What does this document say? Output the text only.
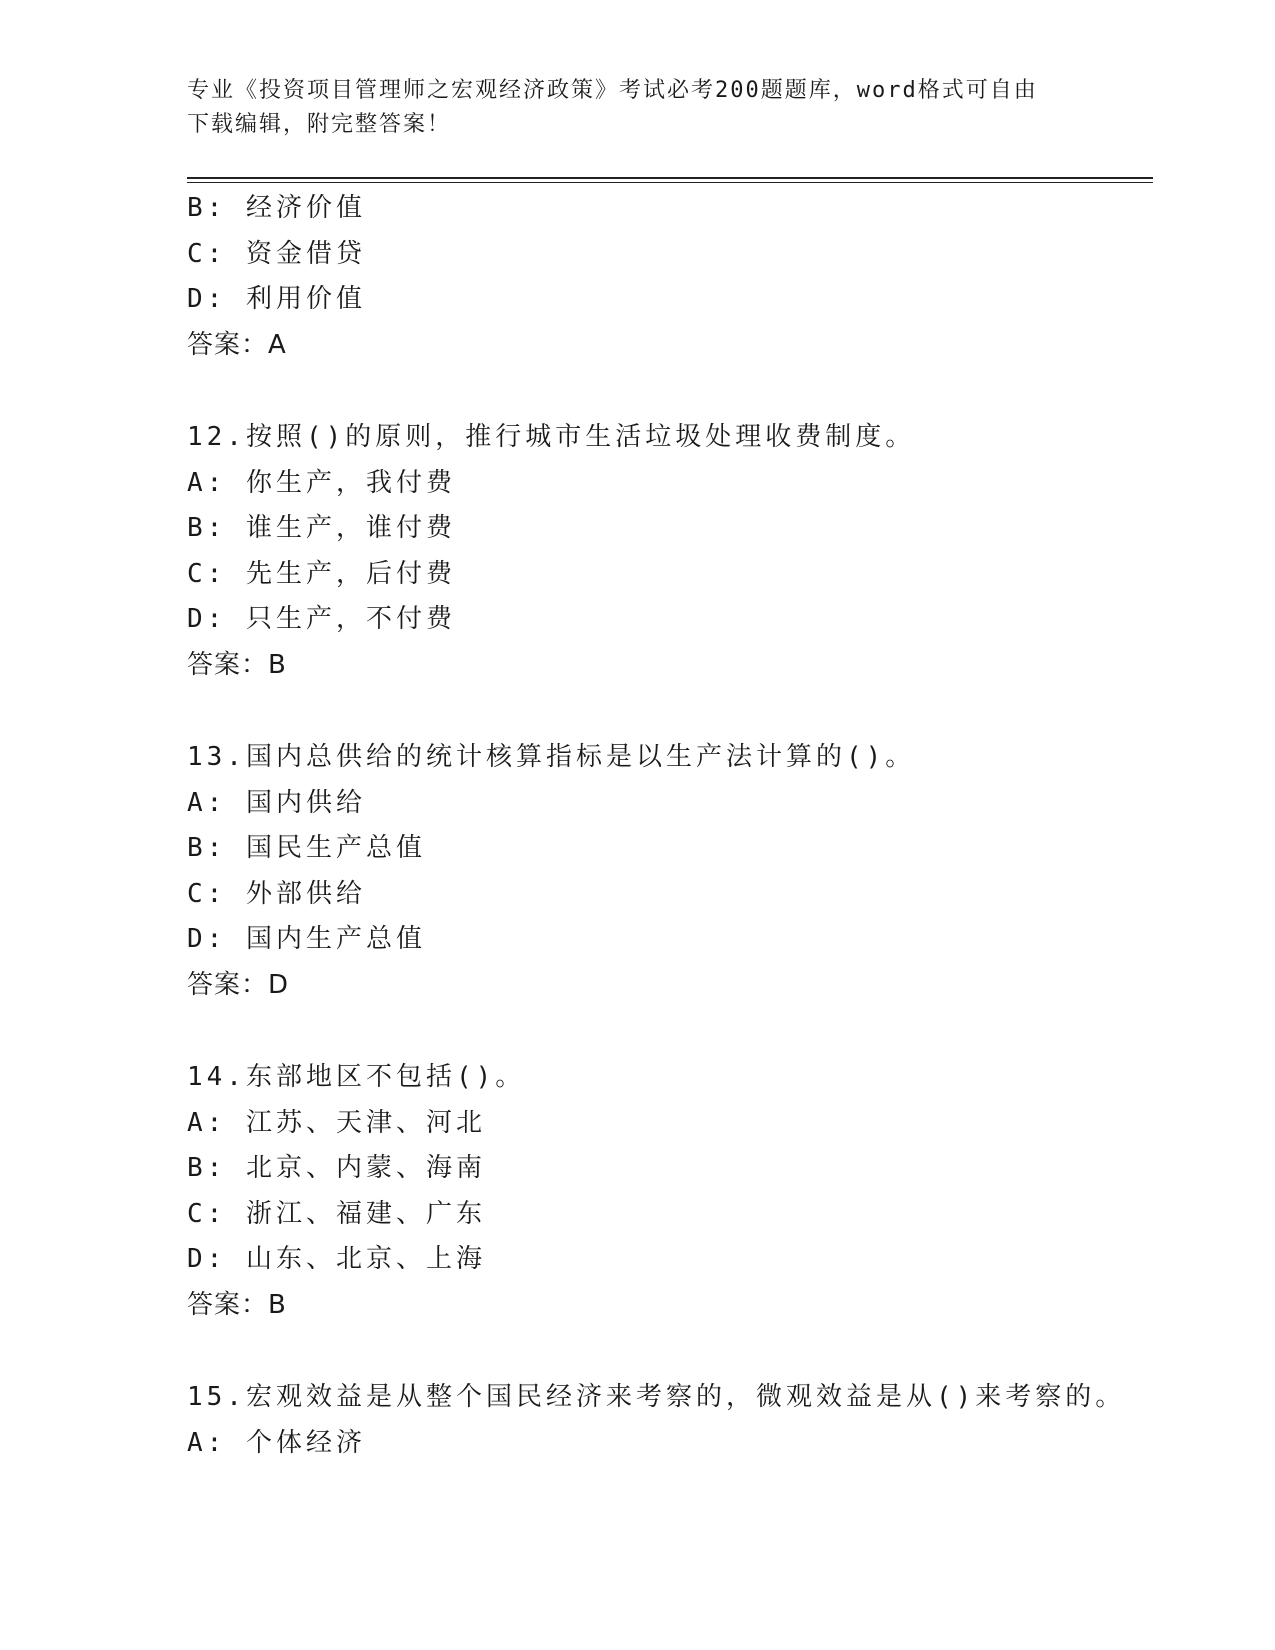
专业《投资项目管理师之宏观经济政策》考试必考200题题库，word格式可自由
下载编辑，附完整答案！
B: 经济价值
C: 资金借贷
D: 利用价值
答案：A
12.按照()的原则，推行城市生活垃圾处理收费制度。
A: 你生产，我付费
B: 谁生产，谁付费
C: 先生产，后付费
D: 只生产，不付费
答案：B
13.国内总供给的统计核算指标是以生产法计算的()。
A: 国内供给
B: 国民生产总值
C: 外部供给
D: 国内生产总值
答案：D
14.东部地区不包括()。
A: 江苏、天津、河北
B: 北京、内蒙、海南
C: 浙江、福建、广东
D: 山东、北京、上海
答案：B
15.宏观效益是从整个国民经济来考察的，微观效益是从()来考察的。
A: 个体经济
